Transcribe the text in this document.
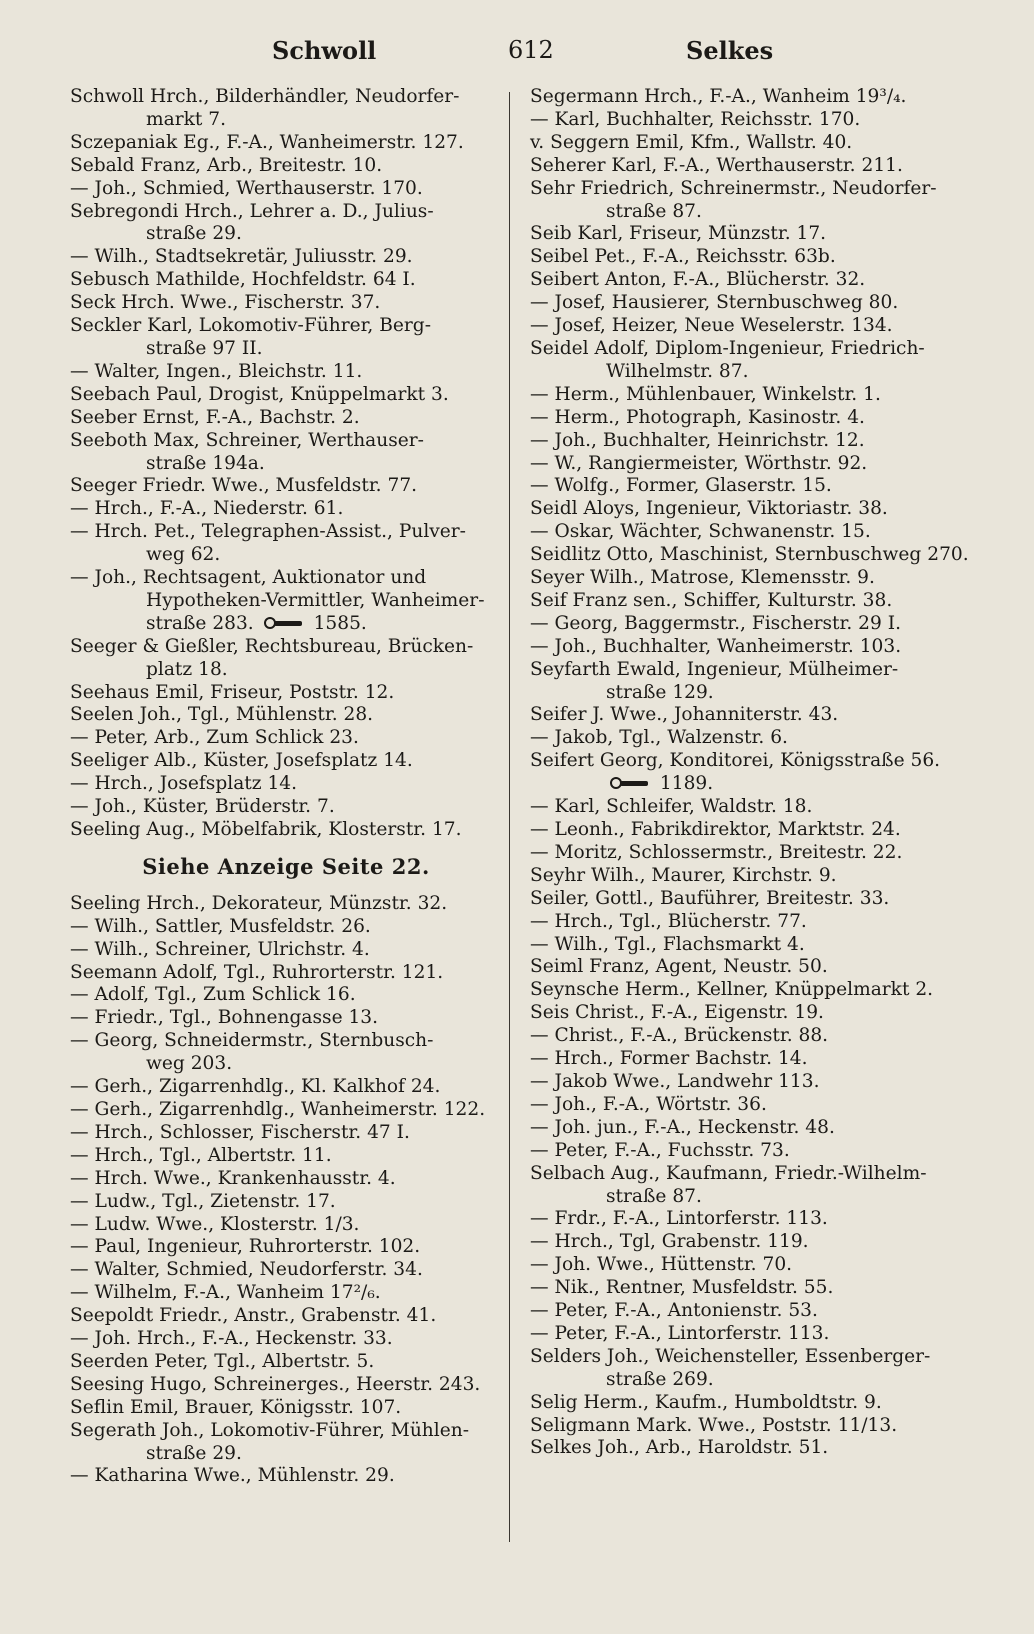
Schwoll	612	Selkes
Schwoll Hrch., Bilderhändler, Neudorfer-
markt 7.
Sczepaniak Eg., F.-A., Wanheimerstr. 127.
Sebald Franz, Arb., Breitestr. 10.
— Joh., Schmied, Werthauserstr. 170.
Sebregondi Hrch., Lehrer a. D., Julius-
straße 29.
— Wilh., Stadtsekretär, Juliusstr. 29.
Sebusch Mathilde, Hochfeldstr. 64 I.
Seck Hrch. Wwe., Fischerstr. 37.
Seckler Karl, Lokomotiv-Führer, Berg-
straße 97 II.
— Walter, Ingen., Bleichstr. 11.
Seebach Paul, Drogist, Knüppelmarkt 3.
Seeber Ernst, F.-A., Bachstr. 2.
Seeboth Max, Schreiner, Werthauser-
straße 194a.
Seeger Friedr. Wwe., Musfeldstr. 77.
— Hrch., F.-A., Niederstr. 61.
— Hrch. Pet., Telegraphen-Assist., Pulver-
weg 62.
— Joh., Rechtsagent, Auktionator und
Hypotheken-Vermittler, Wanheimer-
straße 283.	1585.
Seeger & Gießler, Rechtsbureau, Brücken-
platz 18.
Seehaus Emil, Friseur, Poststr. 12.
Seelen Joh., Tgl., Mühlenstr. 28.
— Peter, Arb., Zum Schlick 23.
Seeliger Alb., Küster, Josefsplatz 14.
— Hrch., Josefsplatz 14.
— Joh., Küster, Brüderstr. 7.
Seeling Aug., Möbelfabrik, Klosterstr. 17.
Siehe Anzeige Seite 22.
Seeling Hrch., Dekorateur, Münzstr. 32.
— Wilh., Sattler, Musfeldstr. 26.
— Wilh., Schreiner, Ulrichstr. 4.
Seemann Adolf, Tgl., Ruhrorterstr. 121.
— Adolf, Tgl., Zum Schlick 16.
— Friedr., Tgl., Bohnengasse 13.
— Georg, Schneidermstr., Sternbusch-
weg 203.
— Gerh., Zigarrenhdlg., Kl. Kalkhof 24.
— Gerh., Zigarrenhdlg., Wanheimerstr. 122.
— Hrch., Schlosser, Fischerstr. 47 I.
— Hrch., Tgl., Albertstr. 11.
— Hrch. Wwe., Krankenhausstr. 4.
— Ludw., Tgl., Zietenstr. 17.
— Ludw. Wwe., Klosterstr. 1/3.
— Paul, Ingenieur, Ruhrorterstr. 102.
— Walter, Schmied, Neudorferstr. 34.
— Wilhelm, F.-A., Wanheim 17²/₆.
Seepoldt Friedr., Anstr., Grabenstr. 41.
— Joh. Hrch., F.-A., Heckenstr. 33.
Seerden Peter, Tgl., Albertstr. 5.
Seesing Hugo, Schreinerges., Heerstr. 243.
Seflin Emil, Brauer, Königsstr. 107.
Segerath Joh., Lokomotiv-Führer, Mühlen-
straße 29.
— Katharina Wwe., Mühlenstr. 29.
Segermann Hrch., F.-A., Wanheim 19³/₄.
— Karl, Buchhalter, Reichsstr. 170.
v. Seggern Emil, Kfm., Wallstr. 40.
Seherer Karl, F.-A., Werthauserstr. 211.
Sehr Friedrich, Schreinermstr., Neudorfer-
straße 87.
Seib Karl, Friseur, Münzstr. 17.
Seibel Pet., F.-A., Reichsstr. 63b.
Seibert Anton, F.-A., Blücherstr. 32.
— Josef, Hausierer, Sternbuschweg 80.
— Josef, Heizer, Neue Weselerstr. 134.
Seidel Adolf, Diplom-Ingenieur, Friedrich-
Wilhelmstr. 87.
— Herm., Mühlenbauer, Winkelstr. 1.
— Herm., Photograph, Kasinostr. 4.
— Joh., Buchhalter, Heinrichstr. 12.
— W., Rangiermeister, Wörthstr. 92.
— Wolfg., Former, Glaserstr. 15.
Seidl Aloys, Ingenieur, Viktoriastr. 38.
— Oskar, Wächter, Schwanenstr. 15.
Seidlitz Otto, Maschinist, Sternbuschweg 270.
Seyer Wilh., Matrose, Klemensstr. 9.
Seif Franz sen., Schiffer, Kulturstr. 38.
— Georg, Baggermstr., Fischerstr. 29 I.
— Joh., Buchhalter, Wanheimerstr. 103.
Seyfarth Ewald, Ingenieur, Mülheimer-
straße 129.
Seifer J. Wwe., Johanniterstr. 43.
— Jakob, Tgl., Walzenstr. 6.
Seifert Georg, Konditorei, Königsstraße 56.
1189.
— Karl, Schleifer, Waldstr. 18.
— Leonh., Fabrikdirektor, Marktstr. 24.
— Moritz, Schlossermstr., Breitestr. 22.
Seyhr Wilh., Maurer, Kirchstr. 9.
Seiler, Gottl., Bauführer, Breitestr. 33.
— Hrch., Tgl., Blücherstr. 77.
— Wilh., Tgl., Flachsmarkt 4.
Seiml Franz, Agent, Neustr. 50.
Seynsche Herm., Kellner, Knüppelmarkt 2.
Seis Christ., F.-A., Eigenstr. 19.
— Christ., F.-A., Brückenstr. 88.
— Hrch., Former Bachstr. 14.
— Jakob Wwe., Landwehr 113.
— Joh., F.-A., Wörtstr. 36.
— Joh. jun., F.-A., Heckenstr. 48.
— Peter, F.-A., Fuchsstr. 73.
Selbach Aug., Kaufmann, Friedr.-Wilhelm-
straße 87.
— Frdr., F.-A., Lintorferstr. 113.
— Hrch., Tgl, Grabenstr. 119.
— Joh. Wwe., Hüttenstr. 70.
— Nik., Rentner, Musfeldstr. 55.
— Peter, F.-A., Antonienstr. 53.
— Peter, F.-A., Lintorferstr. 113.
Selders Joh., Weichensteller, Essenberger-
straße 269.
Selig Herm., Kaufm., Humboldtstr. 9.
Seligmann Mark. Wwe., Poststr. 11/13.
Selkes Joh., Arb., Haroldstr. 51.
